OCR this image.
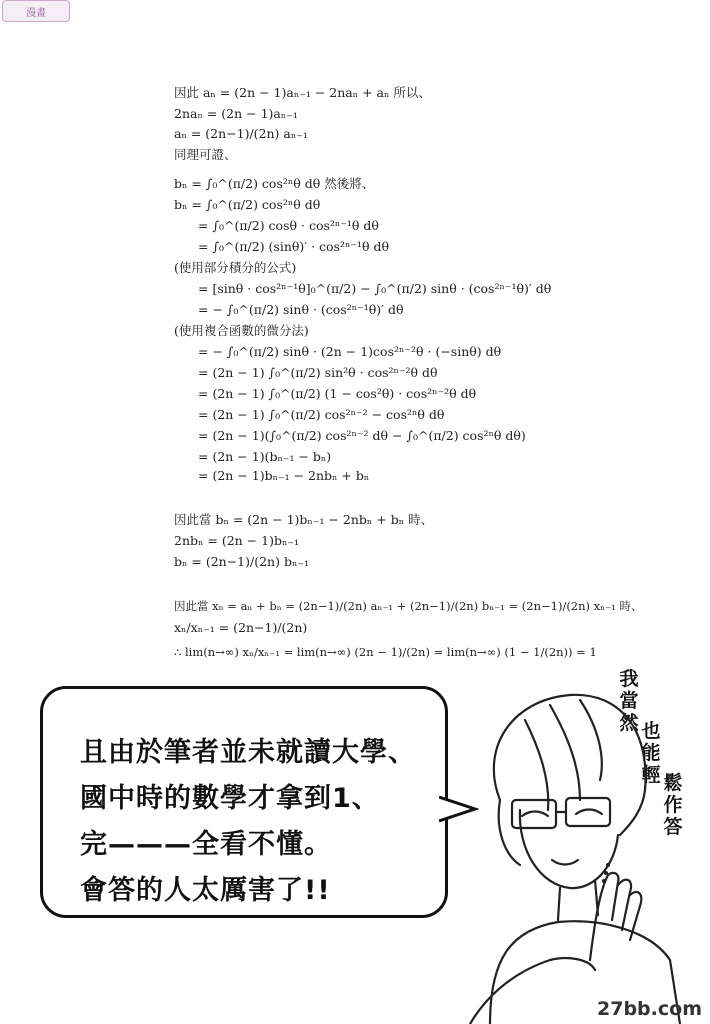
漫畫
因此 aₙ = (2n − 1)aₙ₋₁ − 2naₙ + aₙ 所以、
2naₙ = (2n − 1)aₙ₋₁
aₙ = (2n−1)/(2n) aₙ₋₁
同理可證、
bₙ = ∫₀^(π/2) cos²ⁿθ dθ 然後將、
bₙ = ∫₀^(π/2) cos²ⁿθ dθ
= ∫₀^(π/2) cosθ · cos²ⁿ⁻¹θ dθ
= ∫₀^(π/2) (sinθ)′ · cos²ⁿ⁻¹θ dθ
(使用部分積分的公式)
= [sinθ · cos²ⁿ⁻¹θ]₀^(π/2) − ∫₀^(π/2) sinθ · (cos²ⁿ⁻¹θ)′ dθ
= − ∫₀^(π/2) sinθ · (cos²ⁿ⁻¹θ)′ dθ
(使用複合函數的微分法)
= − ∫₀^(π/2) sinθ · (2n − 1)cos²ⁿ⁻²θ · (−sinθ) dθ
= (2n − 1) ∫₀^(π/2) sin²θ · cos²ⁿ⁻²θ dθ
= (2n − 1) ∫₀^(π/2) (1 − cos²θ) · cos²ⁿ⁻²θ dθ
= (2n − 1) ∫₀^(π/2) cos²ⁿ⁻² − cos²ⁿθ dθ
= (2n − 1)(∫₀^(π/2) cos²ⁿ⁻² dθ − ∫₀^(π/2) cos²ⁿθ dθ)
= (2n − 1)(bₙ₋₁ − bₙ)
= (2n − 1)bₙ₋₁ − 2nbₙ + bₙ
因此當 bₙ = (2n − 1)bₙ₋₁ − 2nbₙ + bₙ 時、
2nbₙ = (2n − 1)bₙ₋₁
bₙ = (2n−1)/(2n) bₙ₋₁
因此當 xₙ = aₙ + bₙ = (2n−1)/(2n) aₙ₋₁ + (2n−1)/(2n) bₙ₋₁ = (2n−1)/(2n) xₙ₋₁ 時、
xₙ/xₙ₋₁ = (2n−1)/(2n)
∴ lim(n→∞) xₙ/xₙ₋₁ = lim(n→∞) (2n − 1)/(2n) = lim(n→∞) (1 − 1/(2n)) = 1
且由於筆者並未就讀大學、
國中時的數學才拿到1、
完———全看不懂。
會答的人太厲害了!!
我
當
然 也
能
輕 鬆
作
答
27bb.com
